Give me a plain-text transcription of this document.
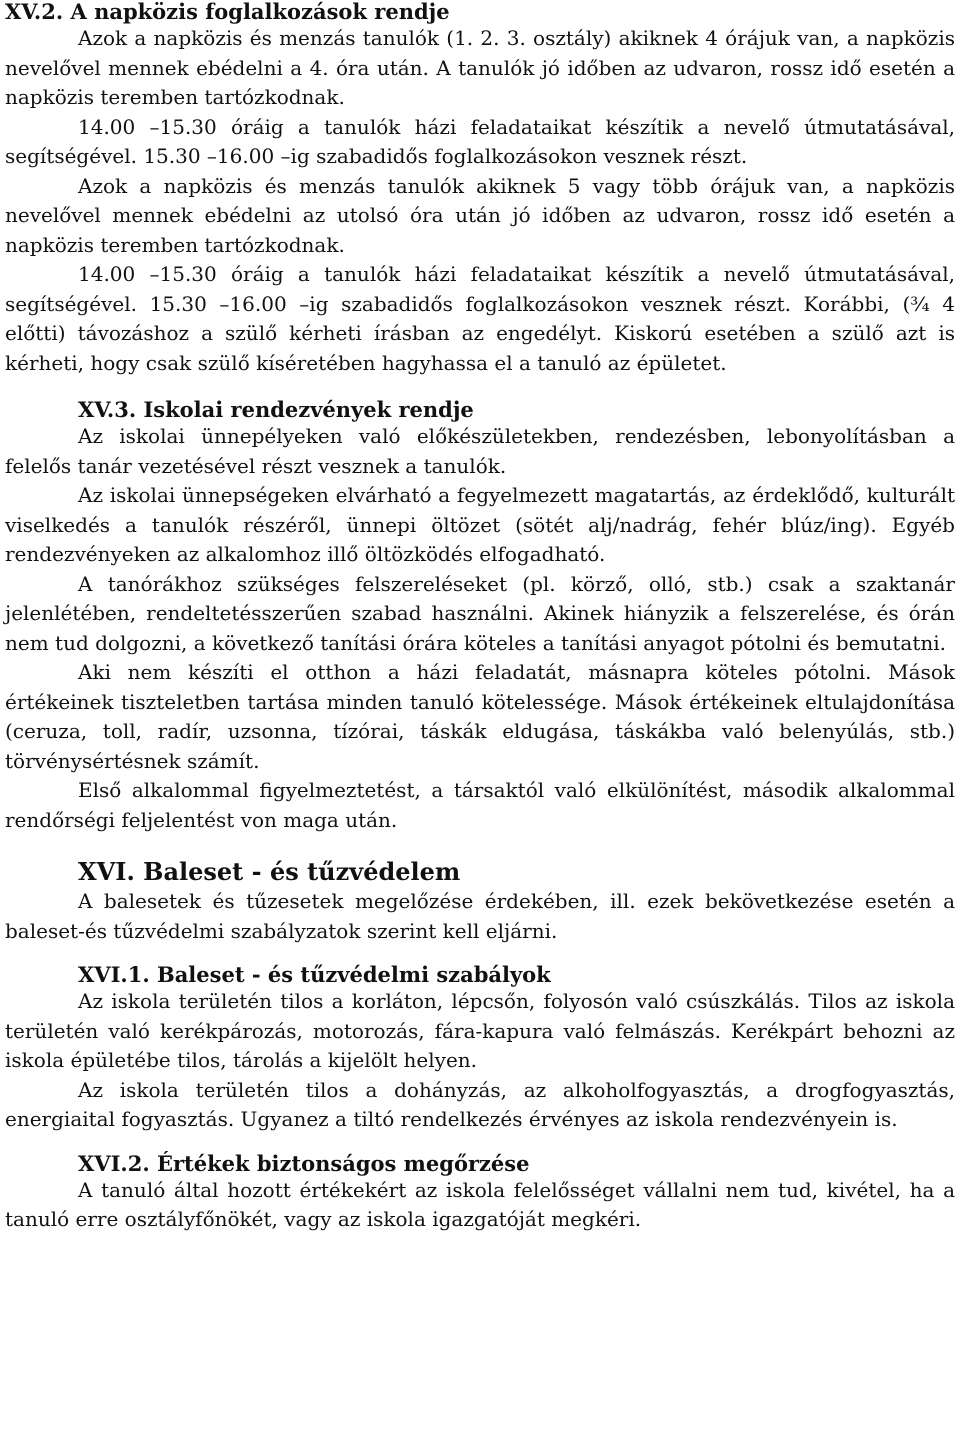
XV.2. A napközis foglalkozások rendje

Azok a napközis és menzás tanulók (1. 2. 3. osztály) akiknek 4 órájuk van, a napközis nevelővel mennek ebédelni a 4. óra után. A tanulók jó időben az udvaron, rossz idő esetén a napközis teremben tartózkodnak.

14.00 –15.30 óráig a tanulók házi feladataikat készítik a nevelő útmutatásával, segítségével. 15.30 –16.00 –ig szabadidős foglalkozásokon vesznek részt.

Azok a napközis és menzás tanulók akiknek 5 vagy több órájuk van, a napközis nevelővel mennek ebédelni az utolsó óra után jó időben az udvaron, rossz idő esetén a napközis teremben tartózkodnak.

14.00 –15.30 óráig a tanulók házi feladataikat készítik a nevelő útmutatásával, segítségével. 15.30 –16.00 –ig szabadidős foglalkozásokon vesznek részt. Korábbi, (¾ 4 előtti) távozáshoz a szülő kérheti írásban az engedélyt. Kiskorú esetében a szülő azt is kérheti, hogy csak szülő kíséretében hagyhassa el a tanuló az épületet.

XV.3. Iskolai rendezvények rendje

Az iskolai ünnepélyeken való előkészületekben, rendezésben, lebonyolításban a felelős tanár vezetésével részt vesznek a tanulók.

Az iskolai ünnepségeken elvárható a fegyelmezett magatartás, az érdeklődő, kulturált viselkedés a tanulók részéről, ünnepi öltözet (sötét alj/nadrág, fehér blúz/ing). Egyéb rendezvényeken az alkalomhoz illő öltözködés elfogadható.

A tanórákhoz szükséges felszereléseket (pl. körző, olló, stb.) csak a szaktanár jelenlétében, rendeltetésszerűen szabad használni. Akinek hiányzik a felszerelése, és órán nem tud dolgozni, a következő tanítási órára köteles a tanítási anyagot pótolni és bemutatni.

Aki nem készíti el otthon a házi feladatát, másnapra köteles pótolni. Mások értékeinek tiszteletben tartása minden tanuló kötelessége. Mások értékeinek eltulajdonítása (ceruza, toll, radír, uzsonna, tízórai, táskák eldugása, táskákba való belenyúlás, stb.) törvénysértésnek számít.

Első alkalommal figyelmeztetést, a társaktól való elkülönítést, második alkalommal rendőrségi feljelentést von maga után.

XVI. Baleset - és tűzvédelem

A balesetek és tűzesetek megelőzése érdekében, ill. ezek bekövetkezése esetén a baleset-és tűzvédelmi szabályzatok szerint kell eljárni.

XVI.1. Baleset - és tűzvédelmi szabályok

Az iskola területén tilos a korláton, lépcsőn, folyosón való csúszkálás. Tilos az iskola területén való kerékpározás, motorozás, fára-kapura való felmászás. Kerékpárt behozni az iskola épületébe tilos, tárolás a kijelölt helyen.

Az iskola területén tilos a dohányzás, az alkoholfogyasztás, a drogfogyasztás, energiaital fogyasztás. Ugyanez a tiltó rendelkezés érvényes az iskola rendezvényein is.

XVI.2. Értékek biztonságos megőrzése

A tanuló által hozott értékekért az iskola felelősséget vállalni nem tud, kivétel, ha a tanuló erre osztályfőnökét, vagy az iskola igazgatóját megkéri.
